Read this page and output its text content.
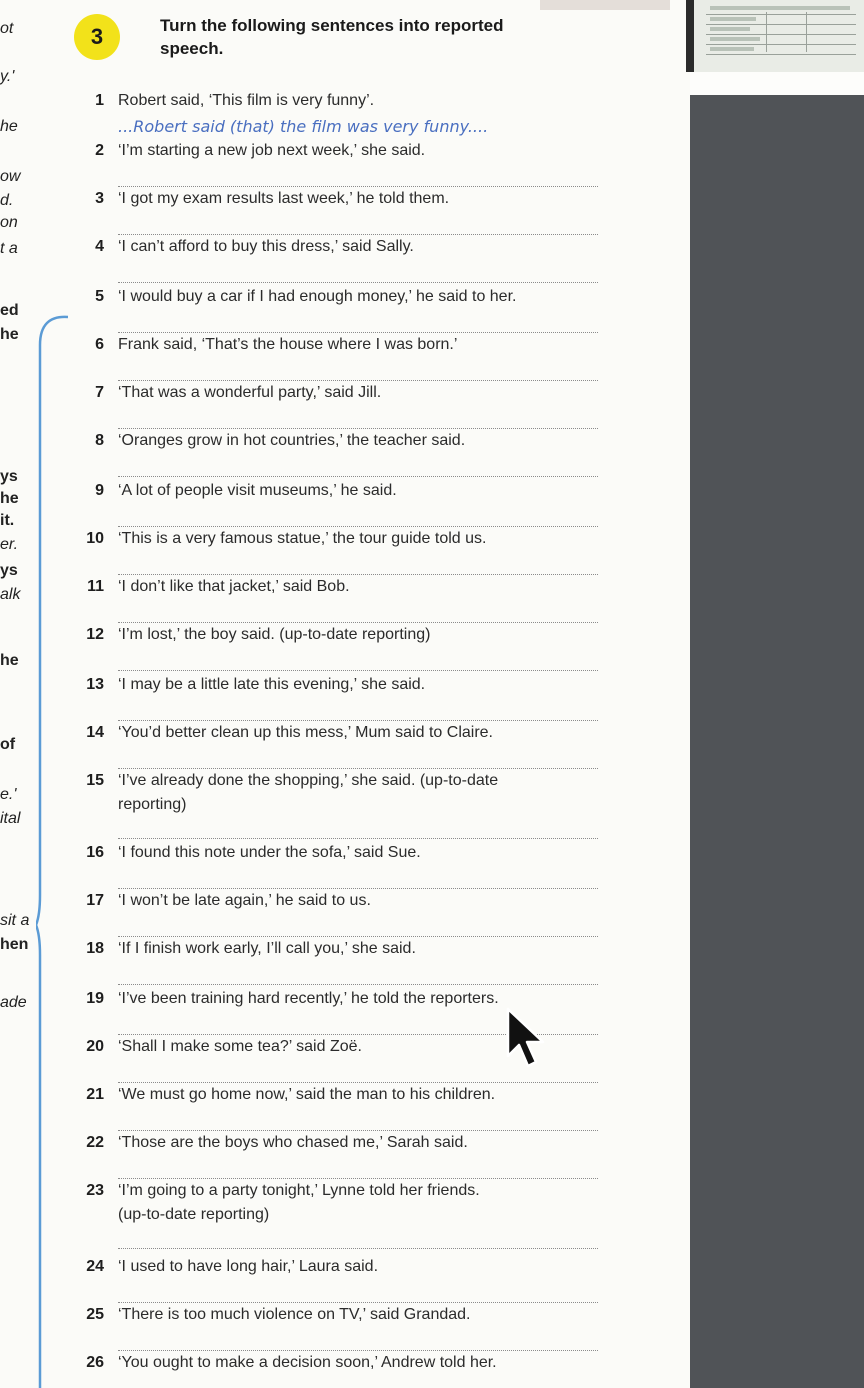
ot
y.'
he
ow
d.
on
t a
ed
he
ys
he
it.
er.
ys
alk
he
of
e.'
ital
sit a
hen
ade
3	Turn the following sentences into reported
speech.
1 Robert said, ‘This film is very funny’.
...Robert said (that) the film was very funny....
2 ‘I’m starting a new job next week,’ she said.
3 ‘I got my exam results last week,’ he told them.
4 ‘I can’t afford to buy this dress,’ said Sally.
5 ‘I would buy a car if I had enough money,’ he said to her.
6 Frank said, ‘That’s the house where I was born.’
7 ‘That was a wonderful party,’ said Jill.
8 ‘Oranges grow in hot countries,’ the teacher said.
9 ‘A lot of people visit museums,’ he said.
10 ‘This is a very famous statue,’ the tour guide told us.
11 ‘I don’t like that jacket,’ said Bob.
12 ‘I’m lost,’ the boy said. (up-to-date reporting)
13 ‘I may be a little late this evening,’ she said.
14 ‘You’d better clean up this mess,’ Mum said to Claire.
15 ‘I’ve already done the shopping,’ she said. (up-to-date
reporting)
16 ‘I found this note under the sofa,’ said Sue.
17 ‘I won’t be late again,’ he said to us.
18 ‘If I finish work early, I’ll call you,’ she said.
19 ‘I’ve been training hard recently,’ he told the reporters.
20 ‘Shall I make some tea?’ said Zoë.
21 ‘We must go home now,’ said the man to his children.
22 ‘Those are the boys who chased me,’ Sarah said.
23 ‘I’m going to a party tonight,’ Lynne told her friends.
(up-to-date reporting)
24 ‘I used to have long hair,’ Laura said.
25 ‘There is too much violence on TV,’ said Grandad.
26 ‘You ought to make a decision soon,’ Andrew told her.
